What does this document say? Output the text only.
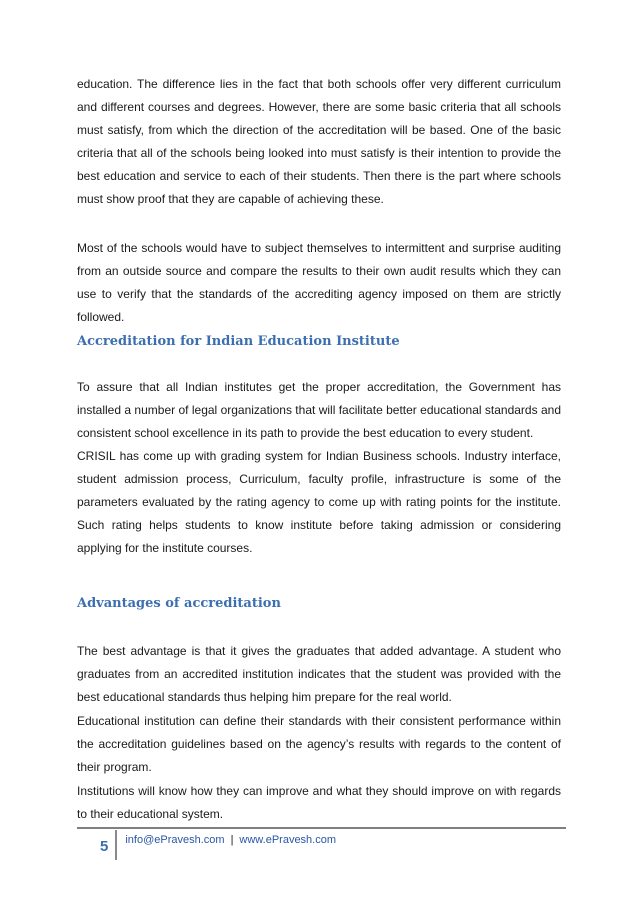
education. The difference lies in the fact that both schools offer very different curriculum and different courses and degrees. However, there are some basic criteria that all schools must satisfy, from which the direction of the accreditation will be based. One of the basic criteria that all of the schools being looked into must satisfy is their intention to provide the best education and service to each of their students. Then there is the part where schools must show proof that they are capable of achieving these.

Most of the schools would have to subject themselves to intermittent and surprise auditing from an outside source and compare the results to their own audit results which they can use to verify that the standards of the accrediting agency imposed on them are strictly followed.

Accreditation for Indian Education Institute

To assure that all Indian institutes get the proper accreditation, the Government has installed a number of legal organizations that will facilitate better educational standards and consistent school excellence in its path to provide the best education to every student.

CRISIL has come up with grading system for Indian Business schools. Industry interface, student admission process, Curriculum, faculty profile, infrastructure is some of the parameters evaluated by the rating agency to come up with rating points for the institute. Such rating helps students to know institute before taking admission or considering applying for the institute courses.

Advantages of accreditation

The best advantage is that it gives the graduates that added advantage. A student who graduates from an accredited institution indicates that the student was provided with the best educational standards thus helping him prepare for the real world.

Educational institution can define their standards with their consistent performance within the accreditation guidelines based on the agency’s results with regards to the content of their program.

Institutions will know how they can improve and what they should improve on with regards to their educational system.

5	info@ePravesh.com | www.ePravesh.com
